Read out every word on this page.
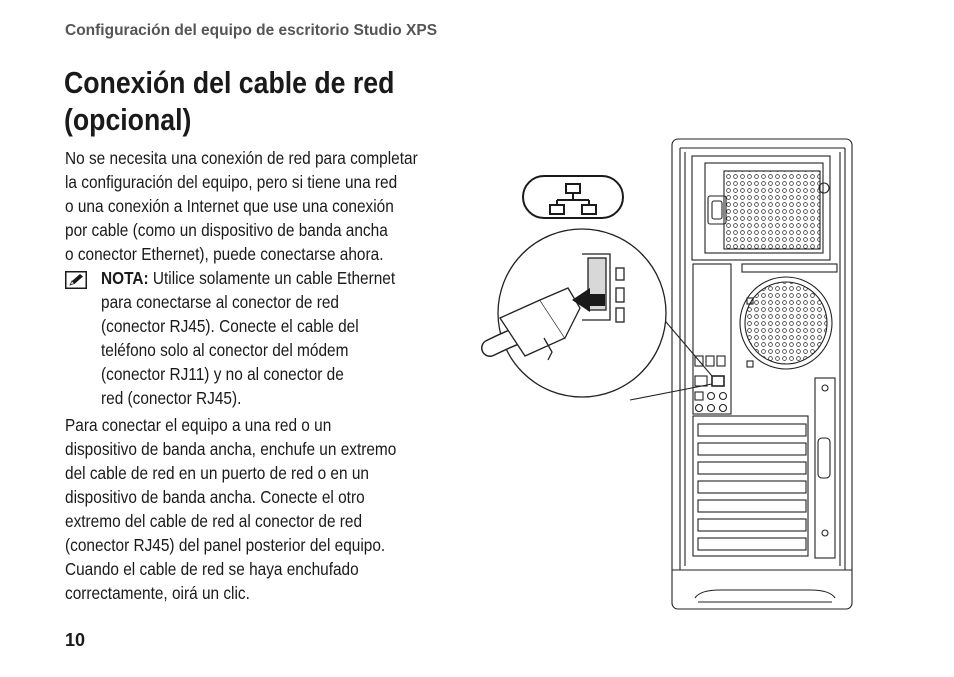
Configuración del equipo de escritorio Studio XPS
Conexión del cable de red
(opcional)
No se necesita una conexión de red para completar
la configuración del equipo, pero si tiene una red
o una conexión a Internet que use una conexión
por cable (como un dispositivo de banda ancha
o conector Ethernet), puede conectarse ahora.
NOTA: Utilice solamente un cable Ethernet
para conectarse al conector de red
(conector RJ45). Conecte el cable del
teléfono solo al conector del módem
(conector RJ11) y no al conector de
red (conector RJ45).
Para conectar el equipo a una red o un
dispositivo de banda ancha, enchufe un extremo
del cable de red en un puerto de red o en un
dispositivo de banda ancha. Conecte el otro
extremo del cable de red al conector de red
(conector RJ45) del panel posterior del equipo.
Cuando el cable de red se haya enchufado
correctamente, oirá un clic.
10
